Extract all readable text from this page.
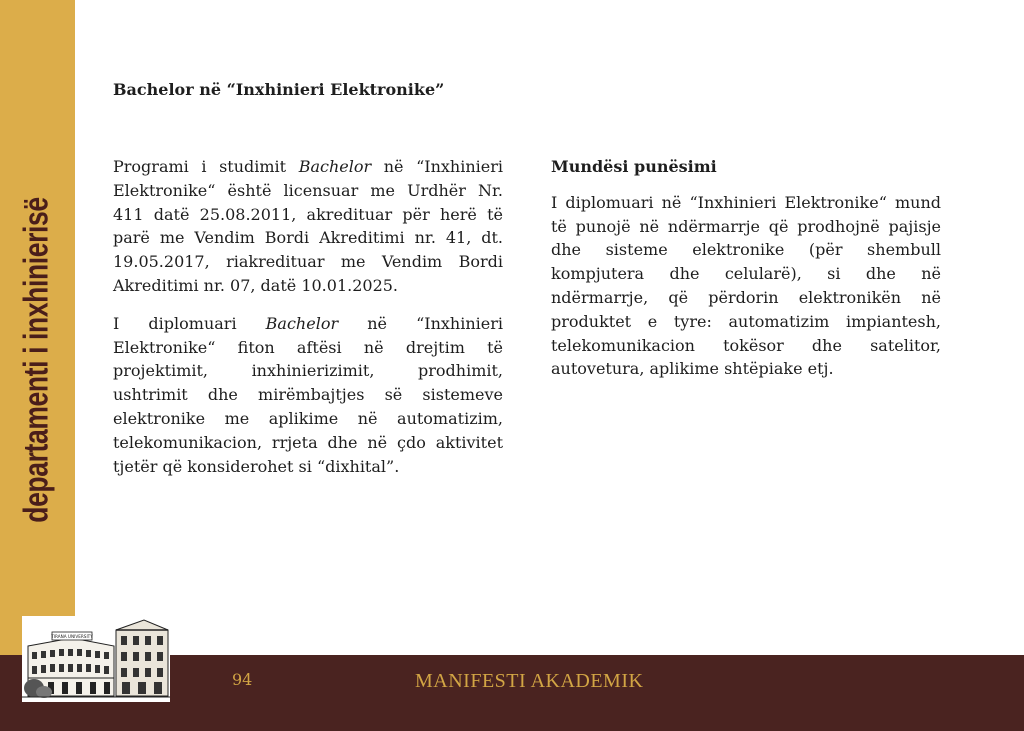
departamenti i inxhinierisë
Bachelor në “Inxhinieri Elektronike”

Programi i studimit Bachelor në “Inxhinieri Elektronike“ është licensuar me Urdhër Nr. 411 datë 25.08.2011, akredituar për herë të parë me Vendim Bordi Akreditimi nr. 41, dt. 19.05.2017, riakredituar me Vendim Bordi Akreditimi nr. 07, datë 10.01.2025.

I diplomuari Bachelor në “Inxhinieri Elektronike“ fiton aftësi në drejtim të projektimit, inxhinierizimit, prodhimit, ushtrimit dhe mirëmbajtjes së sistemeve elektronike me aplikime në automatizim, telekomunikacion, rrjeta dhe në çdo aktivitet tjetër që konsiderohet si “dixhital”.

Mundësi punësimi

I diplomuari në “Inxhinieri Elektronike“ mund të punojë në ndërmarrje që prodhojnë pajisje dhe sisteme elektronike (për shembull kompjutera dhe celularë), si dhe në ndërmarrje, që përdorin elektronikën në produktet e tyre: automatizim impiantesh, telekomunikacion tokësor dhe satelitor, autovetura, aplikime shtëpiake etj.

94	MANIFESTI AKADEMIK
TIRANA UNIVERSITY
